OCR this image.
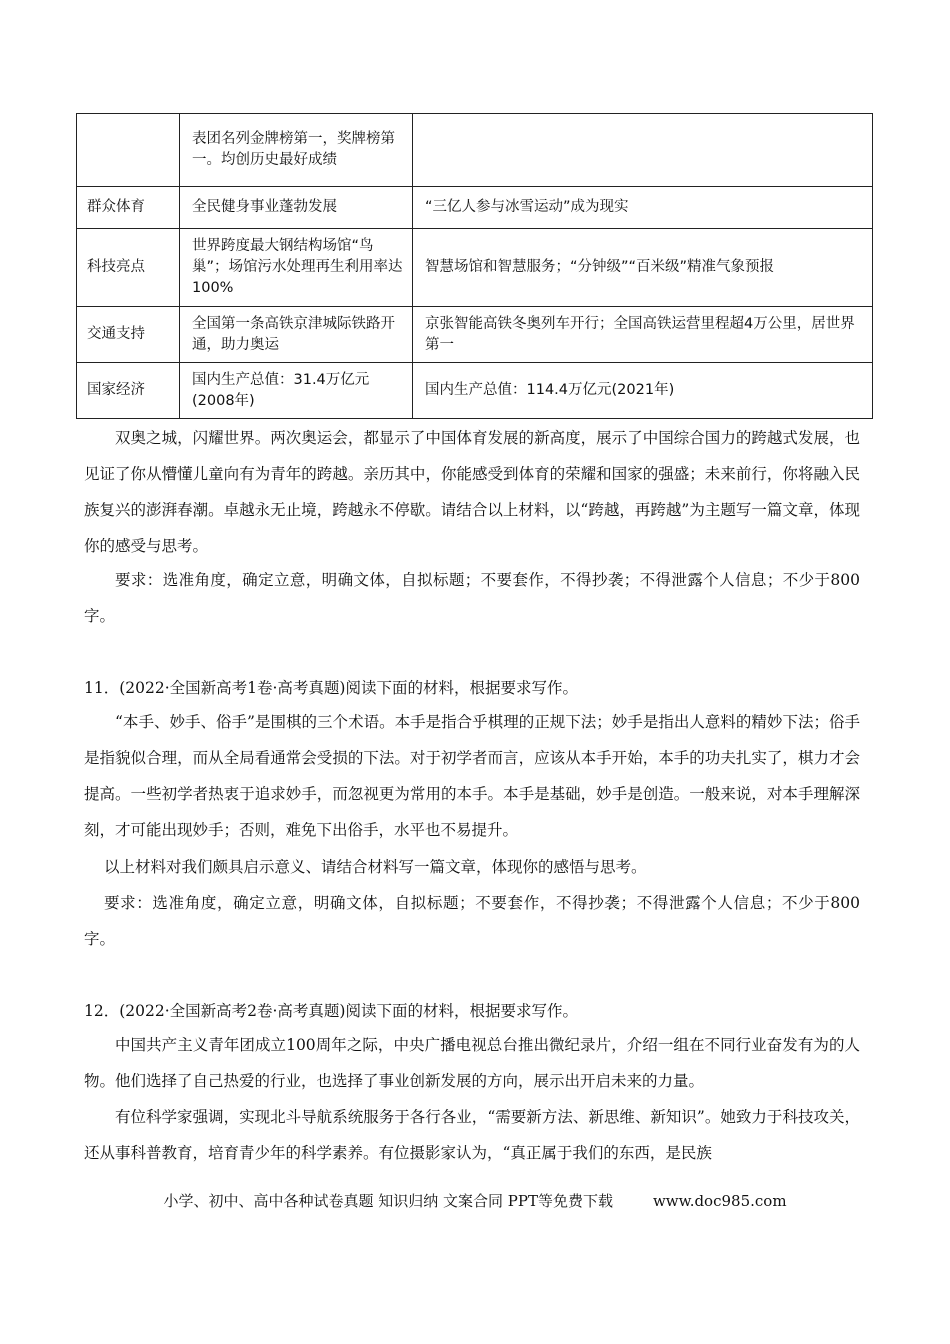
	表团名列金牌榜第一，奖牌榜第一。均创历史最好成绩	
群众体育	全民健身事业蓬勃发展	“三亿人参与冰雪运动”成为现实
科技亮点	世界跨度最大钢结构场馆“鸟巢”；场馆污水处理再生利用率达100%	智慧场馆和智慧服务；“分钟级”“百米级”精准气象预报
交通支持	全国第一条高铁京津城际铁路开通，助力奥运	京张智能高铁冬奥列车开行；全国高铁运营里程超4万公里，居世界第一
国家经济	国内生产总值：31.4万亿元(2008年)	国内生产总值：114.4万亿元(2021年)

双奥之城，闪耀世界。两次奥运会，都显示了中国体育发展的新高度，展示了中国综合国力的跨越式发展，也见证了你从懵懂儿童向有为青年的跨越。亲历其中，你能感受到体育的荣耀和国家的强盛；未来前行，你将融入民族复兴的澎湃春潮。卓越永无止境，跨越永不停歇。请结合以上材料，以“跨越，再跨越”为主题写一篇文章，体现你的感受与思考。

要求：选准角度，确定立意，明确文体，自拟标题；不要套作，不得抄袭；不得泄露个人信息；不少于800字。

11．(2022·全国新高考1卷·高考真题)阅读下面的材料，根据要求写作。

“本手、妙手、俗手”是围棋的三个术语。本手是指合乎棋理的正规下法；妙手是指出人意料的精妙下法；俗手是指貌似合理，而从全局看通常会受损的下法。对于初学者而言，应该从本手开始，本手的功夫扎实了，棋力才会提高。一些初学者热衷于追求妙手，而忽视更为常用的本手。本手是基础，妙手是创造。一般来说，对本手理解深刻，才可能出现妙手；否则，难免下出俗手，水平也不易提升。

以上材料对我们颇具启示意义、请结合材料写一篇文章，体现你的感悟与思考。

要求：选准角度，确定立意，明确文体，自拟标题；不要套作，不得抄袭；不得泄露个人信息；不少于800字。

12．(2022·全国新高考2卷·高考真题)阅读下面的材料，根据要求写作。

中国共产主义青年团成立100周年之际，中央广播电视总台推出微纪录片，介绍一组在不同行业奋发有为的人物。他们选择了自己热爱的行业，也选择了事业创新发展的方向，展示出开启未来的力量。

有位科学家强调，实现北斗导航系统服务于各行各业，“需要新方法、新思维、新知识”。她致力于科技攻关，还从事科普教育，培育青少年的科学素养。有位摄影家认为，“真正属于我们的东西，是民族

小学、初中、高中各种试卷真题 知识归纳 文案合同 PPT等免费下载	www.doc985.com
